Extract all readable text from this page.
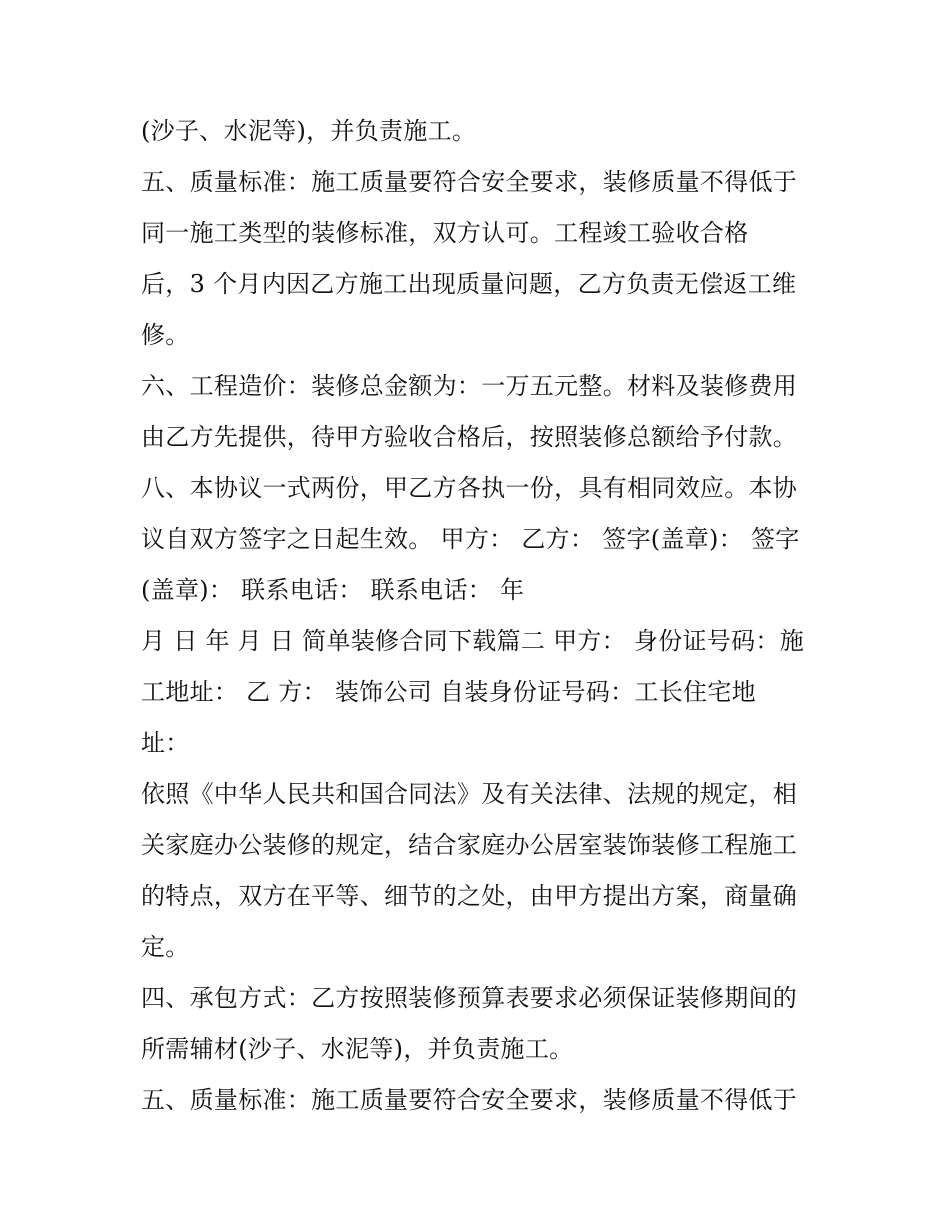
(沙子、水泥等)，并负责施工。
五、质量标准：施工质量要符合安全要求，装修质量不得低于
同一施工类型的装修标准，双方认可。工程竣工验收合格
后，3 个月内因乙方施工出现质量问题，乙方负责无偿返工维
修。
六、工程造价：装修总金额为：一万五元整。材料及装修费用
由乙方先提供，待甲方验收合格后，按照装修总额给予付款。
八、本协议一式两份，甲乙方各执一份，具有相同效应。本协
议自双方签字之日起生效。 甲方： 乙方： 签字(盖章)： 签字
(盖章)： 联系电话： 联系电话： 年
月 日 年 月 日 简单装修合同下载篇二 甲方： 身份证号码：施
工地址： 乙 方： 装饰公司 自装身份证号码：工长住宅地
址：
依照《中华人民共和国合同法》及有关法律、法规的规定，相
关家庭办公装修的规定，结合家庭办公居室装饰装修工程施工
的特点，双方在平等、细节的之处，由甲方提出方案，商量确
定。
四、承包方式：乙方按照装修预算表要求必须保证装修期间的
所需辅材(沙子、水泥等)，并负责施工。
五、质量标准：施工质量要符合安全要求，装修质量不得低于
